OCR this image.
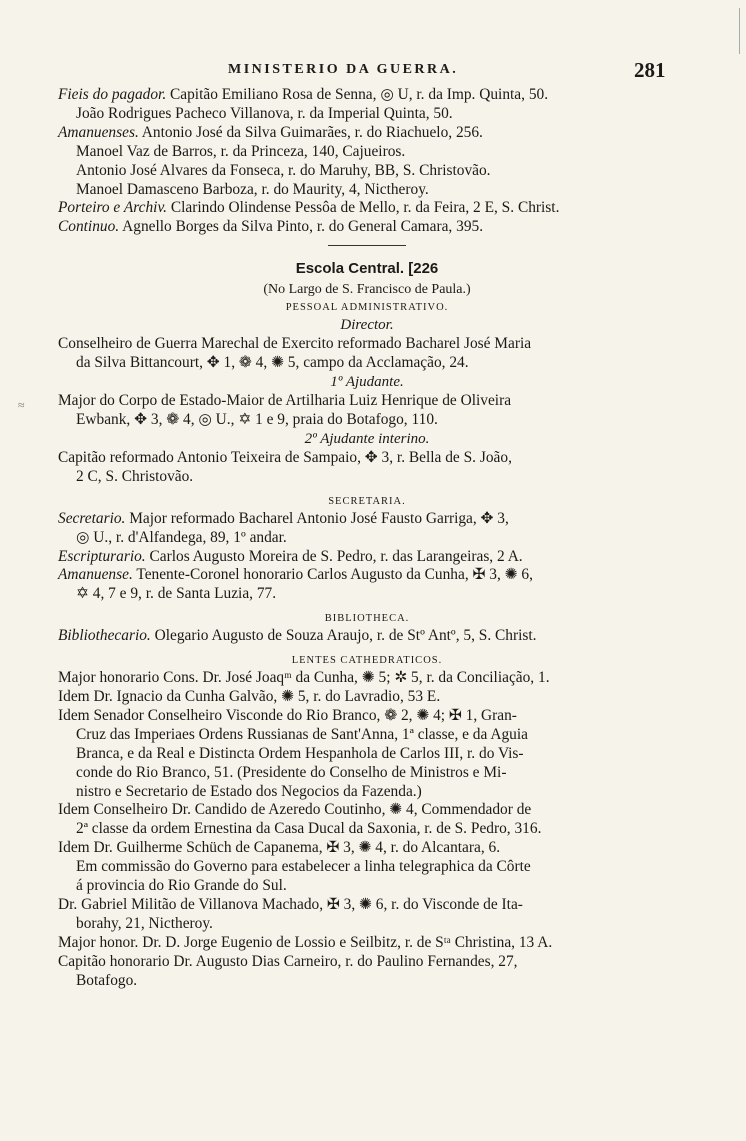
≈
MINISTERIO DA GUERRA.	281
Fieis do pagador. Capitão Emiliano Rosa de Senna, ◎ U, r. da Imp. Quinta, 50.
João Rodrigues Pacheco Villanova, r. da Imperial Quinta, 50.
Amanuenses. Antonio José da Silva Guimarães, r. do Riachuelo, 256.
Manoel Vaz de Barros, r. da Princeza, 140, Cajueiros.
Antonio José Alvares da Fonseca, r. do Maruhy, BB, S. Christovão.
Manoel Damasceno Barboza, r. do Maurity, 4, Nictheroy.
Porteiro e Archiv. Clarindo Olindense Pessôa de Mello, r. da Feira, 2 E, S. Christ.
Continuo. Agnello Borges da Silva Pinto, r. do General Camara, 395.
Escola Central. [226
(No Largo de S. Francisco de Paula.)
PESSOAL ADMINISTRATIVO.
Director.
Conselheiro de Guerra Marechal de Exercito reformado Bacharel José Maria
da Silva Bittancourt, ✥ 1, ❁ 4, ✺ 5, campo da Acclamação, 24.
1º Ajudante.
Major do Corpo de Estado-Maior de Artilharia Luiz Henrique de Oliveira
Ewbank, ✥ 3, ❁ 4, ◎ U., ✡ 1 e 9, praia do Botafogo, 110.
2º Ajudante interino.
Capitão reformado Antonio Teixeira de Sampaio, ✥ 3, r. Bella de S. João,
2 C, S. Christovão.
SECRETARIA.
Secretario. Major reformado Bacharel Antonio José Fausto Garriga, ✥ 3,
◎ U., r. d'Alfandega, 89, 1º andar.
Escripturario. Carlos Augusto Moreira de S. Pedro, r. das Larangeiras, 2 A.
Amanuense. Tenente-Coronel honorario Carlos Augusto da Cunha, ✠ 3, ✺ 6,
✡ 4, 7 e 9, r. de Santa Luzia, 77.
BIBLIOTHECA.
Bibliothecario. Olegario Augusto de Souza Araujo, r. de Stº Antº, 5, S. Christ.
LENTES CATHEDRATICOS.
Major honorario Cons. Dr. José Joaqᵐ da Cunha, ✺ 5; ✲ 5, r. da Conciliação, 1.
Idem Dr. Ignacio da Cunha Galvão, ✺ 5, r. do Lavradio, 53 E.
Idem Senador Conselheiro Visconde do Rio Branco, ❁ 2, ✺ 4; ✠ 1, Gran-
Cruz das Imperiaes Ordens Russianas de Sant'Anna, 1ª classe, e da Aguia
Branca, e da Real e Distincta Ordem Hespanhola de Carlos III, r. do Vis-
conde do Rio Branco, 51. (Presidente do Conselho de Ministros e Mi-
nistro e Secretario de Estado dos Negocios da Fazenda.)
Idem Conselheiro Dr. Candido de Azeredo Coutinho, ✺ 4, Commendador de
2ª classe da ordem Ernestina da Casa Ducal da Saxonia, r. de S. Pedro, 316.
Idem Dr. Guilherme Schüch de Capanema, ✠ 3, ✺ 4, r. do Alcantara, 6.
Em commissão do Governo para estabelecer a linha telegraphica da Côrte
á provincia do Rio Grande do Sul.
Dr. Gabriel Militão de Villanova Machado, ✠ 3, ✺ 6, r. do Visconde de Ita-
borahy, 21, Nictheroy.
Major honor. Dr. D. Jorge Eugenio de Lossio e Seilbitz, r. de Sᵗᵃ Christina, 13 A.
Capitão honorario Dr. Augusto Dias Carneiro, r. do Paulino Fernandes, 27,
Botafogo.
